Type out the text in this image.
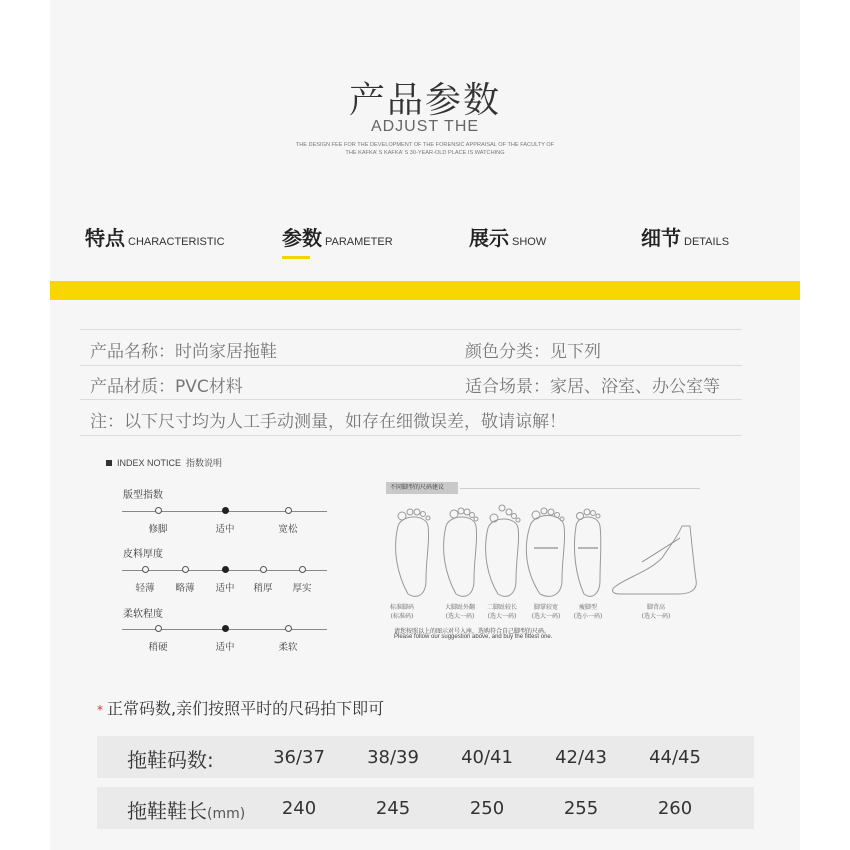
产品参数
ADJUST THE
THE DESIGN FEE FOR THE DEVELOPMENT OF THE FORENSIC APPRAISAL OF THE FACULTY OF
THE KAFKA’ S KAFKA’ S 30-YEAR-OLD PLACE IS WATCHING
特点 CHARACTERISTIC	参数 PARAMETER	展示 SHOW	细节 DETAILS
产品名称：时尚家居拖鞋	颜色分类：见下列
产品材质：PVC材料	适合场景：家居、浴室、办公室等
注：以下尺寸均为人工手动测量，如存在细微误差，敬请谅解！
INDEX NOTICE 指数说明
版型指数
修脚	适中	宽松
皮料厚度
轻薄	略薄	适中	稍厚	厚实
柔软程度
稍硬	适中	柔软
不同脚型的尺码建议
标准脚码
(标准码)
大脚趾外翻
(选大一码)
二脚趾较长
(选大一码)
脚掌较宽
(选大一码)
瘦脚型
(选小一码)
脚背高
(选大一码)
请您按照以上的图示对号入座，选购符合自己脚型的尺码。
Please follow our suggestion above, and buy the fittest one.
* 正常码数,亲们按照平时的尺码拍下即可
拖鞋码数:	36/37	38/39	40/41	42/43	44/45
拖鞋鞋长(mm)	240	245	250	255	260
